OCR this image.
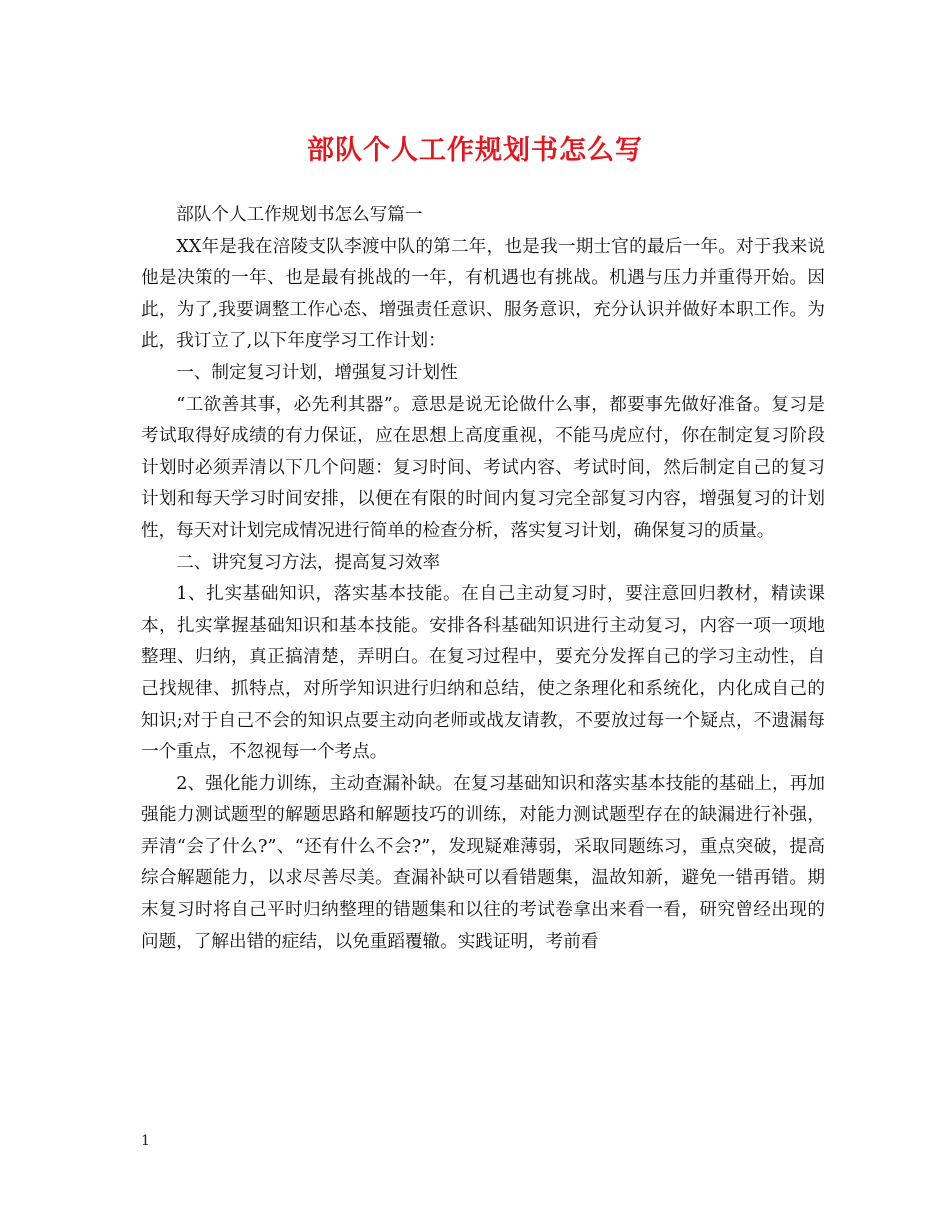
部队个人工作规划书怎么写

部队个人工作规划书怎么写篇一

XX年是我在涪陵支队李渡中队的第二年，也是我一期士官的最后一年。对于我来说他是决策的一年、也是最有挑战的一年，有机遇也有挑战。机遇与压力并重得开始。因此，为了,我要调整工作心态、增强责任意识、服务意识，充分认识并做好本职工作。为此，我订立了,以下年度学习工作计划：

一、制定复习计划，增强复习计划性

“工欲善其事，必先利其器”。意思是说无论做什么事，都要事先做好准备。复习是考试取得好成绩的有力保证，应在思想上高度重视，不能马虎应付，你在制定复习阶段计划时必须弄清以下几个问题：复习时间、考试内容、考试时间，然后制定自己的复习计划和每天学习时间安排，以便在有限的时间内复习完全部复习内容，增强复习的计划性，每天对计划完成情况进行简单的检查分析，落实复习计划，确保复习的质量。

二、讲究复习方法，提高复习效率

1、扎实基础知识，落实基本技能。在自己主动复习时，要注意回归教材，精读课本，扎实掌握基础知识和基本技能。安排各科基础知识进行主动复习，内容一项一项地整理、归纳，真正搞清楚，弄明白。在复习过程中，要充分发挥自己的学习主动性，自己找规律、抓特点，对所学知识进行归纳和总结，使之条理化和系统化，内化成自己的知识;对于自己不会的知识点要主动向老师或战友请教，不要放过每一个疑点，不遗漏每一个重点，不忽视每一个考点。

2、强化能力训练，主动查漏补缺。在复习基础知识和落实基本技能的基础上，再加强能力测试题型的解题思路和解题技巧的训练，对能力测试题型存在的缺漏进行补强，弄清“会了什么?”、“还有什么不会?”，发现疑难薄弱，采取同题练习，重点突破，提高综合解题能力，以求尽善尽美。查漏补缺可以看错题集，温故知新，避免一错再错。期末复习时将自己平时归纳整理的错题集和以往的考试卷拿出来看一看，研究曾经出现的问题，了解出错的症结，以免重蹈覆辙。实践证明，考前看

1
